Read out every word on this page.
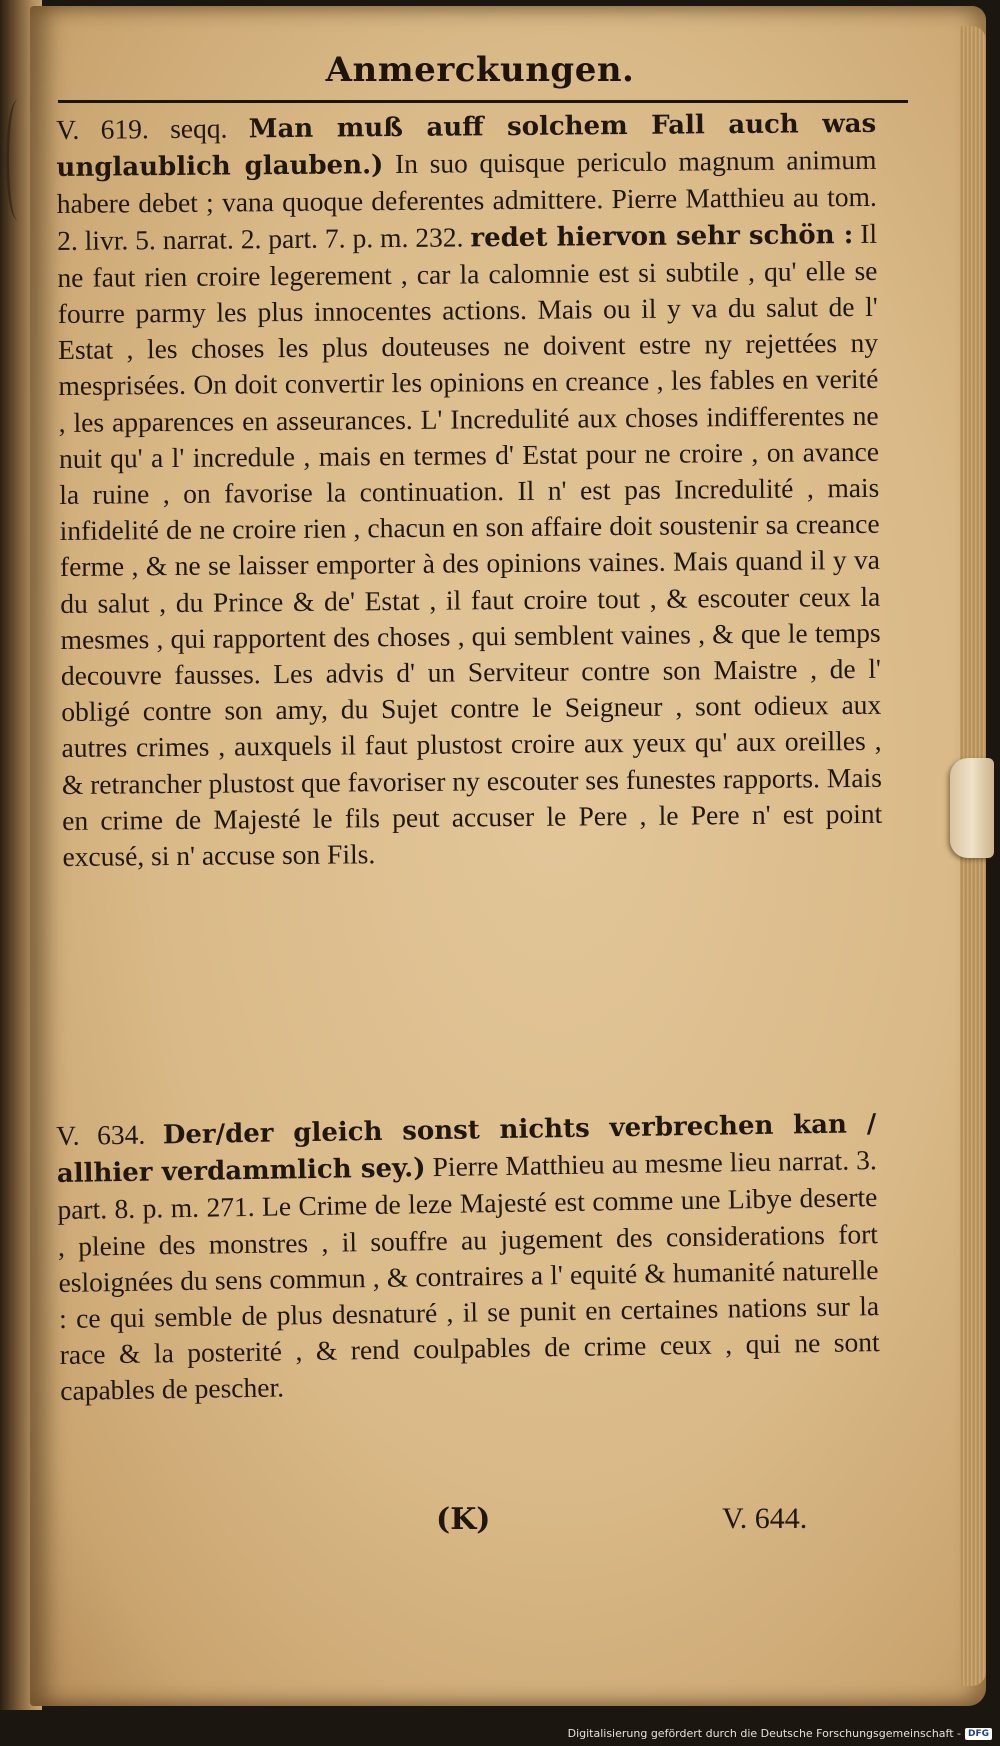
Anmerckungen.

V. 619. seqq. Man muß auff solchem Fall auch was unglaublich glauben.) In suo quisque periculo magnum animum habere debet ; vana quoque deferentes admittere. Pierre Matthieu au tom. 2. livr. 5. narrat. 2. part. 7. p. m. 232. redet hiervon sehr schön : Il ne faut rien croire legerement , car la calomnie est si subtile , qu' elle se fourre parmy les plus innocentes actions. Mais ou il y va du salut de l' Estat , les choses les plus douteuses ne doivent estre ny rejettées ny mesprisées. On doit convertir les opinions en creance , les fables en verité , les apparences en asseurances. L' Incredulité aux choses indifferentes ne nuit qu' a l' incredule , mais en termes d' Estat pour ne croire , on avance la ruine , on favorise la continuation. Il n' est pas Incredulité , mais infidelité de ne croire rien , chacun en son affaire doit soustenir sa creance ferme , & ne se laisser emporter à des opinions vaines. Mais quand il y va du salut , du Prince & de' Estat , il faut croire tout , & escouter ceux la mesmes , qui rapportent des choses , qui semblent vaines , & que le temps decouvre fausses. Les advis d' un Serviteur contre son Maistre , de l' obligé contre son amy, du Sujet contre le Seigneur , sont odieux aux autres crimes , auxquels il faut plustost croire aux yeux qu' aux oreilles , & retrancher plustost que favoriser ny escouter ses funestes rapports. Mais en crime de Majesté le fils peut accuser le Pere , le Pere n' est point excusé, si n' accuse son Fils.

V. 634. Der/der gleich sonst nichts verbrechen kan / allhier verdammlich sey.) Pierre Matthieu au mesme lieu narrat. 3. part. 8. p. m. 271. Le Crime de leze Majesté est comme une Libye deserte , pleine des monstres , il souffre au jugement des considerations fort esloignées du sens commun , & contraires a l' equité & humanité naturelle : ce qui semble de plus desnaturé , il se punit en certaines nations sur la race & la posterité , & rend coulpables de crime ceux , qui ne sont capables de pescher.

(K)	V. 644.
Digitalisierung gefördert durch die Deutsche Forschungsgemeinschaft - DFG
